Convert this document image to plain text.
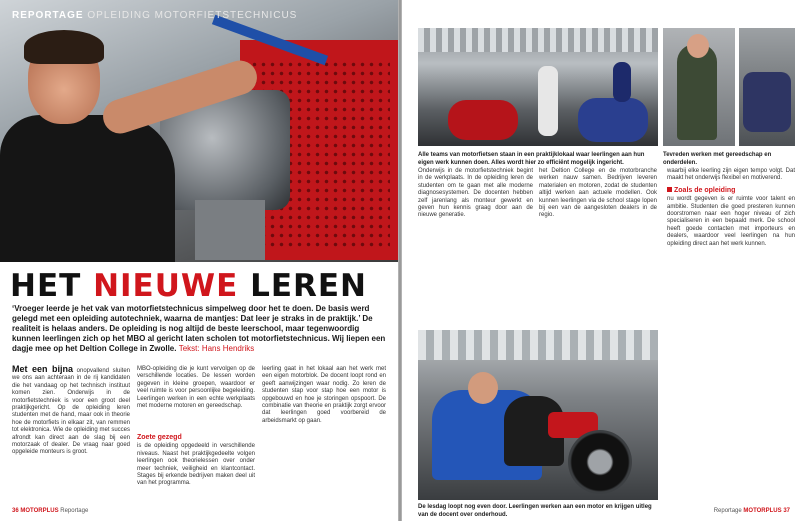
REPORTAGE OPLEIDING MOTORFIETSTECHNICUS
HET NIEUWE LEREN
‘Vroeger leerde je het vak van motorfietstechnicus simpelweg door het te doen. De basis werd gelegd met een opleiding autotechniek, waarna de mantjes: Dat leer je straks in de praktijk.’ De realiteit is helaas anders. De opleiding is nog altijd de beste leerschool, maar tegenwoordig kunnen leerlingen zich op het MBO al gericht laten scholen tot motorfietstechnicus. Wij liepen een dagje mee op het Deltion College in Zwolle. Tekst: Hans Hendriks
Met een bijna onopvallend sluiten we ons aan achteraan in de rij kandidaten die het vandaag op het technisch instituut komen zien. Onderwijs in de motorfietstechniek is voor een groot deel praktijkgericht. Op de opleiding leren studenten met de hand, maar ook in theorie hoe de motorfiets in elkaar zit, van remmen tot elektronica. Wie de opleiding met succes afrondt kan direct aan de slag bij een motorzaak of dealer. De vraag naar goed opgeleide monteurs is groot.
MBO-opleiding die je kunt vervolgen op de verschillende locaties. De lessen worden gegeven in kleine groepen, waardoor er veel ruimte is voor persoonlijke begeleiding. Leerlingen werken in een echte werkplaats met moderne motoren en gereedschap.
Zoete gezegd
is de opleiding opgedeeld in verschillende niveaus. Naast het praktijkgedeelte volgen leerlingen ook theorielessen over onder meer techniek, veiligheid en klantcontact. Stages bij erkende bedrijven maken deel uit van het programma.
leerling gaat in het lokaal aan het werk met een eigen motorblok. De docent loopt rond en geeft aanwijzingen waar nodig. Zo leren de studenten stap voor stap hoe een motor is opgebouwd en hoe je storingen opspoort. De combinatie van theorie en praktijk zorgt ervoor dat leerlingen goed voorbereid de arbeidsmarkt op gaan.
36 MOTORPLUS Reportage
Alle teams van motorfietsen staan in een praktijklokaal waar leerlingen aan hun eigen werk kunnen doen. Alles wordt hier zo efficiënt mogelijk ingericht.
Tevreden werken met gereedschap en onderdelen.
Onderwijs in de motorfietstechniek begint in de werkplaats. In de opleiding leren de studenten om te gaan met alle moderne diagnosesystemen. De docenten hebben zelf jarenlang als monteur gewerkt en geven hun kennis graag door aan de nieuwe generatie.
het Deltion College en de motorbranche werken nauw samen. Bedrijven leveren materialen en motoren, zodat de studenten altijd werken aan actuele modellen. Ook kunnen leerlingen via de school stage lopen bij een van de aangesloten dealers in de regio.
waarbij elke leerling zijn eigen tempo volgt. Dat maakt het onderwijs flexibel en motiverend.
Zoals de opleiding
nu wordt gegeven is er ruimte voor talent en ambitie. Studenten die goed presteren kunnen doorstromen naar een hoger niveau of zich specialiseren in een bepaald merk. De school heeft goede contacten met importeurs en dealers, waardoor veel leerlingen na hun opleiding direct aan het werk kunnen.
De lesdag loopt nog even door. Leerlingen werken aan een motor en krijgen uitleg van de docent over onderhoud.
Reportage MOTORPLUS 37
